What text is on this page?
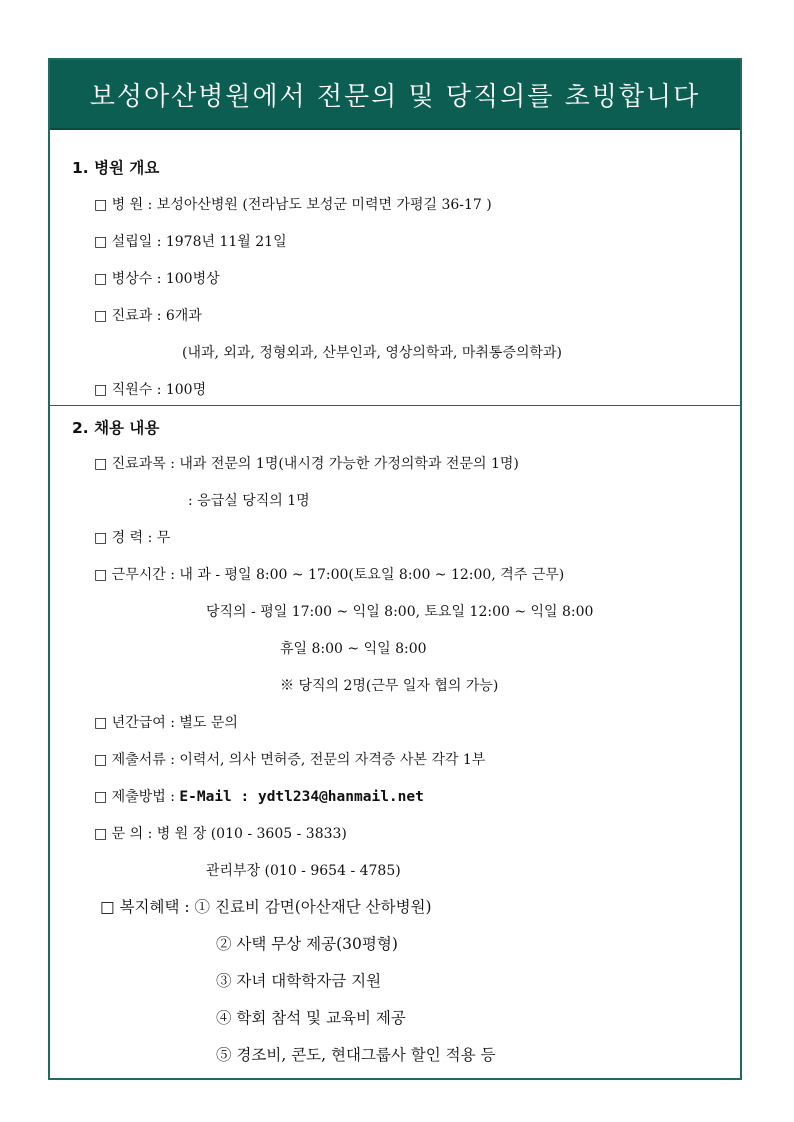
보성아산병원에서 전문의 및 당직의를 초빙합니다
1. 병원 개요
□ 병 원 : 보성아산병원 (전라남도 보성군 미력면 가평길 36-17 )
□ 설립일 : 1978년 11월 21일
□ 병상수 : 100병상
□ 진료과 : 6개과
(내과, 외과, 정형외과, 산부인과, 영상의학과, 마취통증의학과)
□ 직원수 : 100명
2. 채용 내용
□ 진료과목 : 내과 전문의 1명(내시경 가능한 가정의학과 전문의 1명)
: 응급실 당직의 1명
□ 경 력 : 무
□ 근무시간 : 내 과 - 평일 8:00 ~ 17:00(토요일 8:00 ~ 12:00, 격주 근무)
당직의 - 평일 17:00 ~ 익일 8:00, 토요일 12:00 ~ 익일 8:00
휴일 8:00 ~ 익일 8:00
※ 당직의 2명(근무 일자 협의 가능)
□ 년간급여 : 별도 문의
□ 제출서류 : 이력서, 의사 면허증, 전문의 자격증 사본 각각 1부
□ 제출방법 : E-Mail : ydtl234@hanmail.net
□ 문 의 : 병 원 장 (010 - 3605 - 3833)
관리부장 (010 - 9654 - 4785)
□ 복지혜택 : ① 진료비 감면(아산재단 산하병원)
② 사택 무상 제공(30평형)
③ 자녀 대학학자금 지원
④ 학회 참석 및 교육비 제공
⑤ 경조비, 콘도, 현대그룹사 할인 적용 등
